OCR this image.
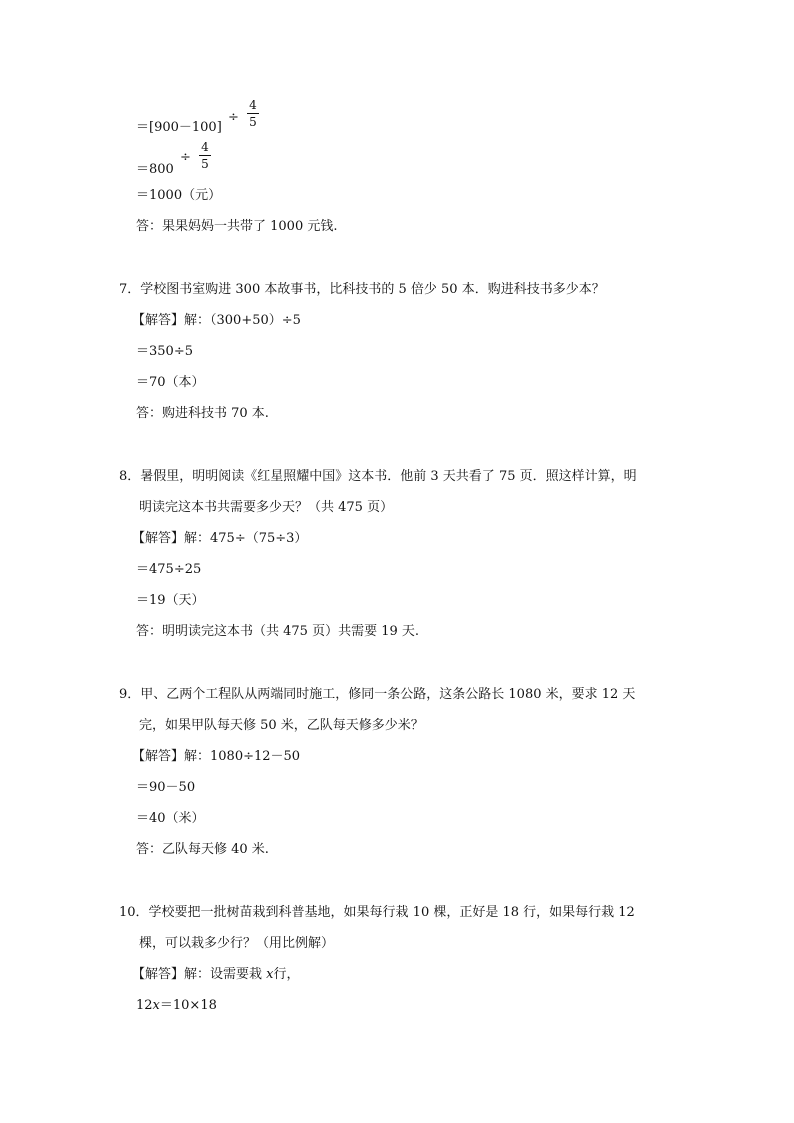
＝[900－100]
÷
4
5
＝800
÷
4
5
＝1000（元）
答：果果妈妈一共带了 1000 元钱.
7．学校图书室购进 300 本故事书，比科技书的 5 倍少 50 本．购进科技书多少本？
【解答】解：（300+50）÷5
＝350÷5
＝70（本）
答：购进科技书 70 本.
8．暑假里，明明阅读《红星照耀中国》这本书．他前 3 天共看了 75 页．照这样计算，明
明读完这本书共需要多少天？（共 475 页）
【解答】解：475÷（75÷3）
＝475÷25
＝19（天）
答：明明读完这本书（共 475 页）共需要 19 天.
9．甲、乙两个工程队从两端同时施工，修同一条公路，这条公路长 1080 米，要求 12 天
完，如果甲队每天修 50 米，乙队每天修多少米？
【解答】解：1080÷12－50
＝90－50
＝40（米）
答：乙队每天修 40 米.
10．学校要把一批树苗栽到科普基地，如果每行栽 10 棵，正好是 18 行，如果每行栽 12
棵，可以栽多少行？（用比例解）
【解答】解：设需要栽 x行，
12x＝10×18
